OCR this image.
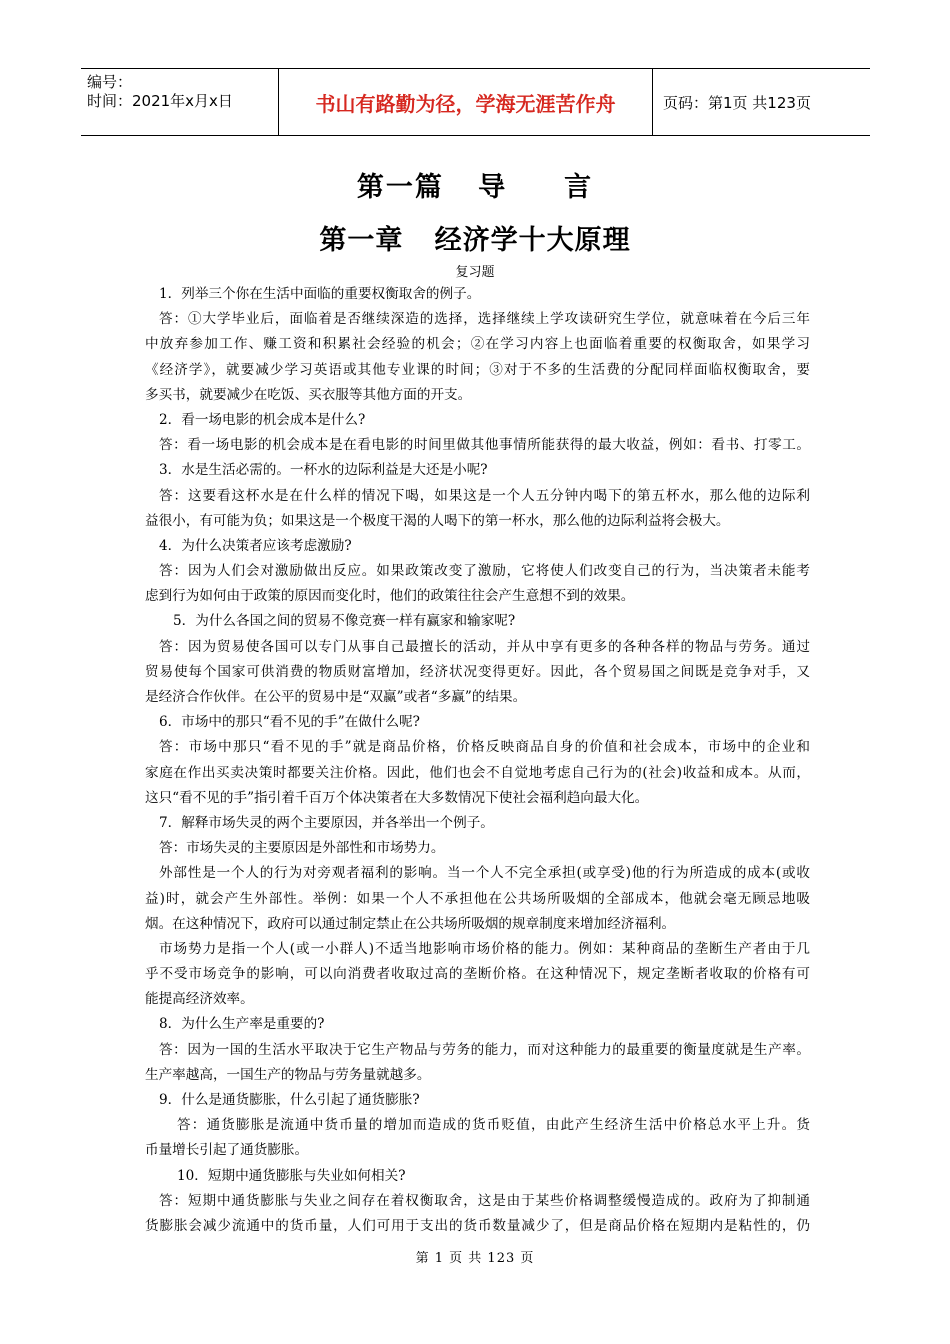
编号：
时间：2021年x月x日	书山有路勤为径，学海无涯苦作舟	页码：第1页 共123页
第一篇   导     言
第一章   经济学十大原理
复习题
1．列举三个你在生活中面临的重要权衡取舍的例子。
答：①大学毕业后，面临着是否继续深造的选择，选择继续上学攻读研究生学位，就意味着在今后三年
中放弃参加工作、赚工资和积累社会经验的机会；②在学习内容上也面临着重要的权衡取舍，如果学习
《经济学》，就要减少学习英语或其他专业课的时间；③对于不多的生活费的分配同样面临权衡取舍，要
多买书，就要减少在吃饭、买衣服等其他方面的开支。
2．看一场电影的机会成本是什么?
答：看一场电影的机会成本是在看电影的时间里做其他事情所能获得的最大收益，例如：看书、打零工。
3．水是生活必需的。一杯水的边际利益是大还是小呢?
答：这要看这杯水是在什么样的情况下喝，如果这是一个人五分钟内喝下的第五杯水，那么他的边际利
益很小，有可能为负；如果这是一个极度干渴的人喝下的第一杯水，那么他的边际利益将会极大。
4．为什么决策者应该考虑激励?
答：因为人们会对激励做出反应。如果政策改变了激励，它将使人们改变自己的行为，当决策者未能考
虑到行为如何由于政策的原因而变化时，他们的政策往往会产生意想不到的效果。
5．为什么各国之间的贸易不像竞赛一样有赢家和输家呢?
答：因为贸易使各国可以专门从事自己最擅长的活动，并从中享有更多的各种各样的物品与劳务。通过
贸易使每个国家可供消费的物质财富增加，经济状况变得更好。因此，各个贸易国之间既是竞争对手，又
是经济合作伙伴。在公平的贸易中是“双赢”或者“多赢”的结果。
6．市场中的那只“看不见的手”在做什么呢?
答：市场中那只“看不见的手”就是商品价格，价格反映商品自身的价值和社会成本，市场中的企业和
家庭在作出买卖决策时都要关注价格。因此，他们也会不自觉地考虑自己行为的(社会)收益和成本。从而，
这只“看不见的手”指引着千百万个体决策者在大多数情况下使社会福利趋向最大化。
7．解释市场失灵的两个主要原因，并各举出一个例子。
答：市场失灵的主要原因是外部性和市场势力。
外部性是一个人的行为对旁观者福利的影响。当一个人不完全承担(或享受)他的行为所造成的成本(或收
益)时，就会产生外部性。举例：如果一个人不承担他在公共场所吸烟的全部成本，他就会毫无顾忌地吸
烟。在这种情况下，政府可以通过制定禁止在公共场所吸烟的规章制度来增加经济福利。
市场势力是指一个人(或一小群人)不适当地影响市场价格的能力。例如：某种商品的垄断生产者由于几
乎不受市场竞争的影响，可以向消费者收取过高的垄断价格。在这种情况下，规定垄断者收取的价格有可
能提高经济效率。
8．为什么生产率是重要的?
答：因为一国的生活水平取决于它生产物品与劳务的能力，而对这种能力的最重要的衡量度就是生产率。
生产率越高，一国生产的物品与劳务量就越多。
9．什么是通货膨胀，什么引起了通货膨胀?
答：通货膨胀是流通中货币量的增加而造成的货币贬值，由此产生经济生活中价格总水平上升。货
币量增长引起了通货膨胀。
10．短期中通货膨胀与失业如何相关?
答：短期中通货膨胀与失业之间存在着权衡取舍，这是由于某些价格调整缓慢造成的。政府为了抑制通
货膨胀会减少流通中的货币量，人们可用于支出的货币数量减少了，但是商品价格在短期内是粘性的，仍
第 1 页 共 123 页
